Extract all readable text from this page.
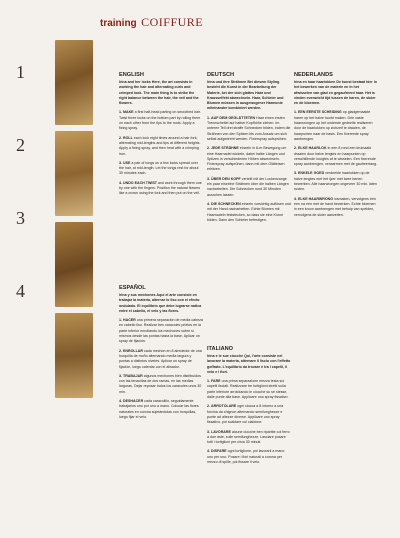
training COIFFURE
1
2
3
4
ENGLISH
Irina and her locks Here, the art consists in working the hair and alternating curls and crimped look. The main thing is to strike the right balance between the hair, the veil and the flowers.
1. MAKE a first half-head parting on smoothed hair. Twist three locks on the bottom part by rolling them on each other from the tips to the roots. Apply a fixing spray.
2. ROLL each lock eight times around a hair fork, alternating mid-lengths and tips at different heights. Apply a fixing spray, and then heat with a crimping iron.
3. USE a pair of tongs on a few locks spread over the hair, at mid-length. Let the tongs rest for about 30 minutes each.
4. UNDO EACH TWIST and work through them one by one with the fingers. Position the natural flowers like a crown using the fork and then put on the veil.
DEUTSCH
Irina und ihre Strähnen Bei diesem Styling besteht die Kunst in der Bearbeitung der Materie, bei der sich glattes Haar und Krausseffekt abwechseln. Haar, Schleier und Blumen müssen in ausgewogener Harmonie miteinander kombiniert werden.
1. AUF DEM GEGLÄTTETEN Haar einen ersten Trennscheitel auf halber Kopfhöhe ziehen. Im unteren Teil drei straffe Schnecken bilden, indem die Strähnen von den Spitzen bis zum Ansatz um sich selbst aufgedreht werden. Fixierspray aufsprühen.
2. JEDE STRÄHNE einzeln in 8-er Bewegung um eine Haarnadel wickeln, dabei halbe Längen und Spitzen in verschiedenen Höhen abwechseln. Fixierspray aufsprühen, dann mit dem Glätteisen erhitzen.
3. ÜBER DEN KOPF verteilt mit der Lockenzange ein paar einzelne Strähnen über die halben Längen nacharbeiten. Die Schnecken rund 30 Minuten ausruhen lassen.
4. DIE SCHNECKEN einzeln vorsichtig auflösen und mit der Hand nacharbeiten. Echte Blumen mit Haarnadeln feststecken, so dass sie eine Krone bilden. Dann den Schleier befestigen.
NEDERLANDS
Irina en haar haarlokken De kunst bestaat hier in het bewerken van de materie en in het afwisselen van glad en gegaufreerd haar. Het is vinden evenwicht tijd tussen de haren, de sluier en de bloemen.
1. EEN EERSTE SCHEIDING op gladgemaakte haren op het halve hoofd maken. Drie vaste haarwrongen op het onderste gedeelte realiseren door de haarlokken op zichzelf te draaien, de haarpunten naar de basis. Een fixerende spray aanbrengen.
2. ELKE HAARLOK in een 8 rond een krulnaald draaien door halve lengtes en haarpunten op verschillende hoogtes af te wisselen. Een fixerende spray aanbrengen, verwarmen met de gaufreertang.
3. ENKELE GOED verdeelde haarlokken op de halve lengtes met het ijzer met twee benen bewerken. Alle haarwrongen ongeveer 30 min. laten rusten.
4. ELKE HAARWRONG losmaken, vervolgens één een na één met de hand bewerken. Echte bloemen in een kroon aanbrengen met behulp van spelden, vervolgens de sluier aanzetten.
ESPAÑOL
Irina y sus mechones Aquí el arte consiste en trabajar la materia, alternar lo liso con el efecto ondulado. El equilibrio que debe lograrse radica entre el cabello, el velo y las flores.
1. HACER una primera separación de media cabeza en cabello liso. Realizar tres caracoles prietos en la parte inferior enrollando los mechones sobre sí mismos desde las puntas hasta la base. Aplicar un spray de fijación.
2. ENROLLAR cada mechón en 8 alrededor de una horquilla de moño alternando media largura y puntas a distintos niveles. Aplicar un spray de fijación, luego calentar con el alisador.
3. TRABAJAR algunos mechones bien distribuidos con las tenacillas de dos ramas, en las medias larguras. Dejar reposar todos los caracoles unos 30 min.
4. DESHACER cada caracolillo, seguidamente trabajarlos uno por uno a mano. Colocar las flores naturales en corona sujetándolas con horquillas, luego fijar el velo.
ITALIANO
Irina e le sue ciocche Qui, l'arte consiste nel lavorare la materia, alternare il liscio con l'effetto goffrato. L'equilibrio da trovare è tra i capelli, il velo e i fiori.
1. FARE una prima separazione mezza testa sui capelli lisciati. Realizzare tre tortiglioni stretti sulla parte inferiore arrotolando le ciocche su sé stesse, dalle punte alla base. Applicare uno spray fissativo.
2. ARROTOLARE ogni ciocca a 8 intorno a una forcina da chignon alternando semilunghezze e punte ad altezze diverse. Applicare uno spray fissativo, poi scaldare col cialdone.
3. LAVORARE alcune ciocche ben ripartite col ferro a due aste, sulle semilunghezze. Lasciare posare tutti i tortiglioni per circa 30 minuti.
4. DISFARE ogni tortiglione, poi lavorarli a mano uno per uno. Posare i fiori naturali a corona per mezzo di spille, poi fissare il velo.
